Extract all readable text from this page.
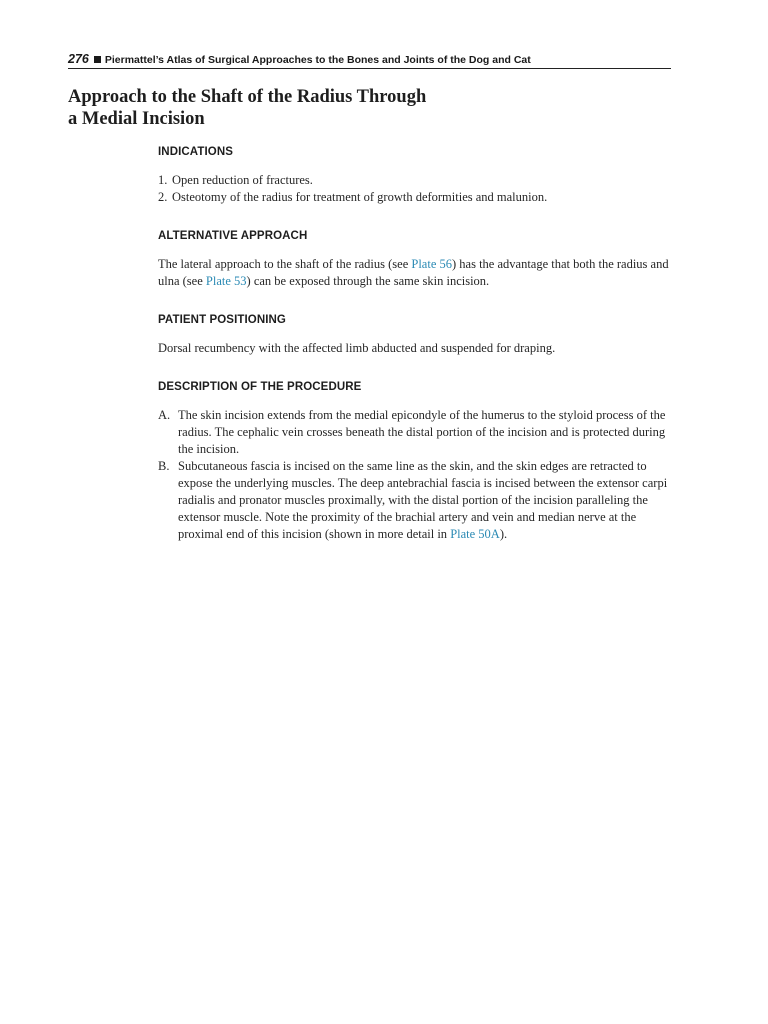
276 Piermattel’s Atlas of Surgical Approaches to the Bones and Joints of the Dog and Cat
Approach to the Shaft of the Radius Through
a Medial Incision
INDICATIONS
1. Open reduction of fractures.
2. Osteotomy of the radius for treatment of growth deformities and malunion.
ALTERNATIVE APPROACH

The lateral approach to the shaft of the radius (see Plate 56) has the advantage that both the radius and ulna (see Plate 53) can be exposed through the same skin incision.

PATIENT POSITIONING

Dorsal recumbency with the affected limb abducted and suspended for draping.

DESCRIPTION OF THE PROCEDURE
A. The skin incision extends from the medial epicondyle of the humerus to the styloid process of the radius. The cephalic vein crosses beneath the distal portion of the incision and is protected during the incision.
B. Subcutaneous fascia is incised on the same line as the skin, and the skin edges are retracted to expose the underlying muscles. The deep antebrachial fascia is incised between the extensor carpi radialis and pronator muscles proximally, with the distal portion of the incision paralleling the extensor muscle. Note the proximity of the brachial artery and vein and median nerve at the proximal end of this incision (shown in more detail in Plate 50A).
